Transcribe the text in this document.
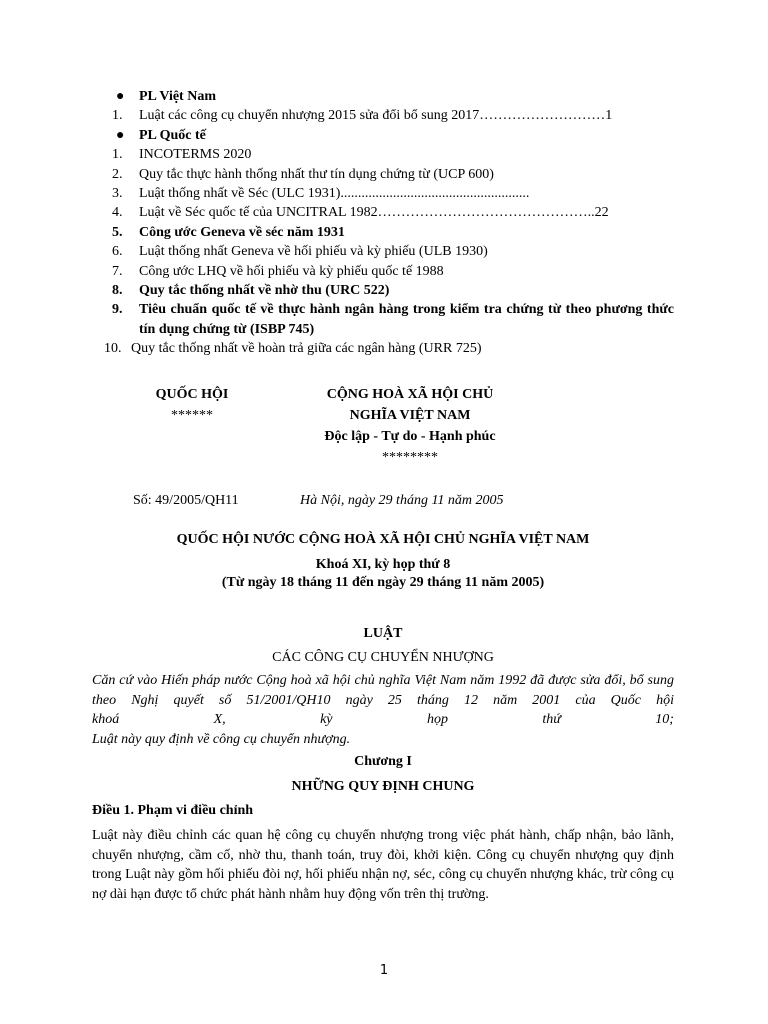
●	PL Việt Nam
1.	Luật các công cụ chuyển nhượng 2015 sửa đổi bổ sung 2017………………………1
●	PL Quốc tế
1.	INCOTERMS 2020
2.	Quy tắc thực hành thống nhất thư tín dụng chứng từ (UCP 600)
3.	Luật thống nhất về Séc (ULC 1931)......................................................
4.	Luật về Séc quốc tế của UNCITRAL 1982………………………………………..22
5.	Công ước Geneva về séc năm 1931
6.	Luật thống nhất Geneva về hối phiếu và kỳ phiếu (ULB 1930)
7.	Công ước LHQ về hối phiếu và kỳ phiếu quốc tế 1988
8.	Quy tắc thống nhất về nhờ thu (URC 522)
9.	Tiêu chuẩn quốc tế về thực hành ngân hàng trong kiểm tra chứng từ theo phương thức tín dụng chứng từ (ISBP 745)
10. Quy tắc thống nhất về hoàn trả giữa các ngân hàng (URR 725)
QUỐC HỘI
******
CỘNG HOÀ XÃ HỘI CHỦ
NGHĨA VIỆT NAM
Độc lập - Tự do - Hạnh phúc
********
Số: 49/2005/QH11	Hà Nội, ngày 29 tháng 11 năm 2005
QUỐC HỘI NƯỚC CỘNG HOÀ XÃ HỘI CHỦ NGHĨA VIỆT NAM
Khoá XI, kỳ họp thứ 8
(Từ ngày 18 tháng 11 đến ngày 29 tháng 11 năm 2005)
LUẬT
CÁC CÔNG CỤ CHUYỂN NHƯỢNG
Căn cứ vào Hiến pháp nước Cộng hoà xã hội chủ nghĩa Việt Nam năm 1992 đã được sửa đổi, bổ sung theo Nghị quyết số 51/2001/QH10 ngày 25 tháng 12 năm 2001 của Quốc hội
khoá	X,	kỳ	họp	thứ	10;
Luật này quy định về công cụ chuyển nhượng.
Chương I
NHỮNG QUY ĐỊNH CHUNG
Điều 1. Phạm vi điều chỉnh
Luật này điều chỉnh các quan hệ công cụ chuyển nhượng trong việc phát hành, chấp nhận, bảo lãnh, chuyển nhượng, cầm cố, nhờ thu, thanh toán, truy đòi, khởi kiện. Công cụ chuyển nhượng quy định trong Luật này gồm hối phiếu đòi nợ, hối phiếu nhận nợ, séc, công cụ chuyển nhượng khác, trừ công cụ nợ dài hạn được tổ chức phát hành nhằm huy động vốn trên thị trường.
1
